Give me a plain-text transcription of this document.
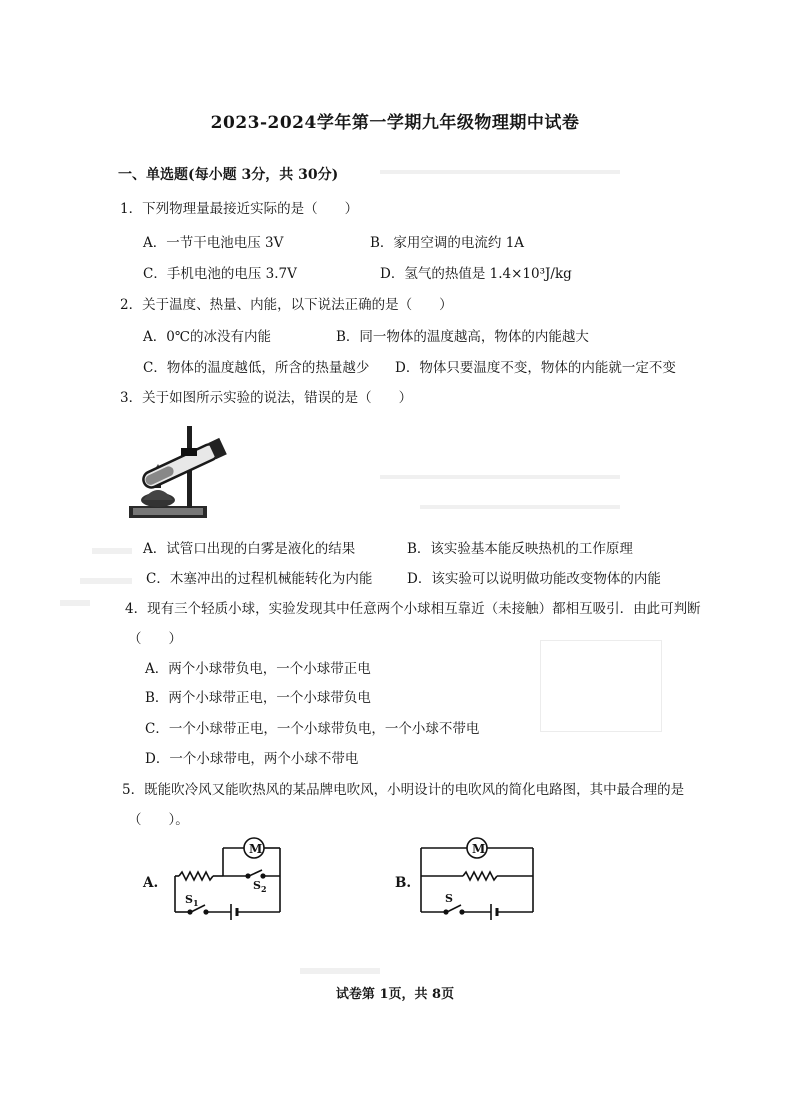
2023-2024学年第一学期九年级物理期中试卷
一、单选题(每小题 3分，共 30分)
1．下列物理量最接近实际的是（　　）
A．一节干电池电压 3V	B．家用空调的电流约 1A
C．手机电池的电压 3.7V	D．氢气的热值是 1.4×10³J/kg
2．关于温度、热量、内能，以下说法正确的是（　　）
A．0℃的冰没有内能	B．同一物体的温度越高，物体的内能越大
C．物体的温度越低，所含的热量越少 D．物体只要温度不变，物体的内能就一定不变
3．关于如图所示实验的说法，错误的是（　　）
A．试管口出现的白雾是液化的结果	B．该实验基本能反映热机的工作原理
C．木塞冲出的过程机械能转化为内能	D．该实验可以说明做功能改变物体的内能
4．现有三个轻质小球，实验发现其中任意两个小球相互靠近（未接触）都相互吸引．由此可判断
（　　）
A．两个小球带负电，一个小球带正电
B．两个小球带正电，一个小球带负电
C．一个小球带正电，一个小球带负电，一个小球不带电
D．一个小球带电，两个小球不带电
5．既能吹冷风又能吹热风的某品牌电吹风，小明设计的电吹风的简化电路图，其中最合理的是
（　　）。
A.
M
S 2
S 1
B.
M
S
试卷第 1页，共 8页
